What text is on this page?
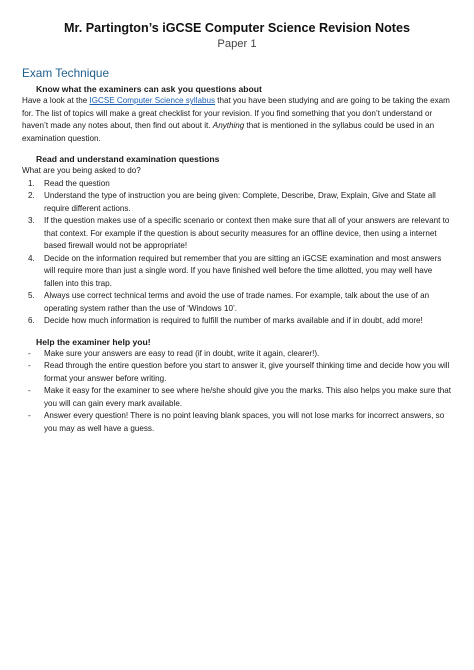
Mr. Partington’s iGCSE Computer Science Revision Notes
Paper 1
Exam Technique
Know what the examiners can ask you questions about

Have a look at the IGCSE Computer Science syllabus that you have been studying and are going to be taking the exam for. The list of topics will make a great checklist for your revision. If you find something that you don’t understand or haven’t made any notes about, then find out about it. Anything that is mentioned in the syllabus could be used in an examination question.

Read and understand examination questions

What are you being asked to do?

1. Read the question
2. Understand the type of instruction you are being given: Complete, Describe, Draw, Explain, Give and State all require different actions.
3. If the question makes use of a specific scenario or context then make sure that all of your answers are relevant to that context. For example if the question is about security measures for an offline device, then using a internet based firewall would not be appropriate!
4. Decide on the information required but remember that you are sitting an iGCSE examination and most answers will require more than just a single word. If you have finished well before the time allotted, you may well have fallen into this trap.
5. Always use correct technical terms and avoid the use of trade names. For example, talk about the use of an operating system rather than the use of ‘Windows 10’.
6. Decide how much information is required to fulfill the number of marks available and if in doubt, add more!
Help the examiner help you!
- Make sure your answers are easy to read (if in doubt, write it again, clearer!).
- Read through the entire question before you start to answer it, give yourself thinking time and decide how you will format your answer before writing.
- Make it easy for the examiner to see where he/she should give you the marks. This also helps you make sure that you will can gain every mark available.
- Answer every question! There is no point leaving blank spaces, you will not lose marks for incorrect answers, so you may as well have a guess.
